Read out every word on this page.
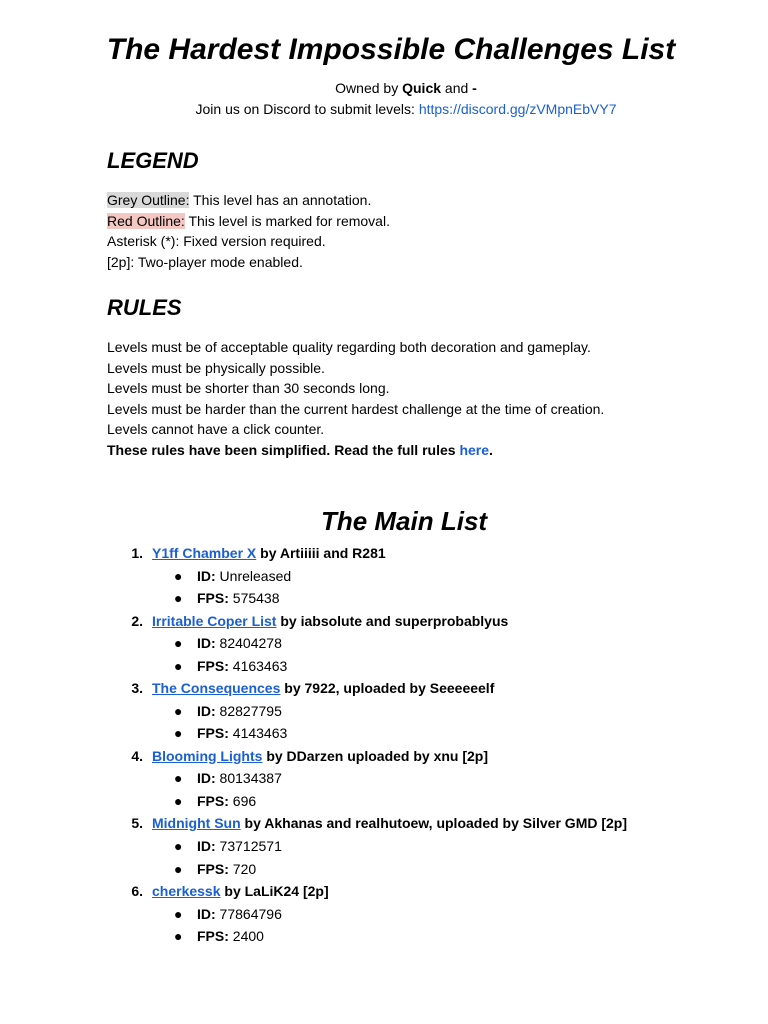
The Hardest Impossible Challenges List
Owned by Quick and -
Join us on Discord to submit levels: https://discord.gg/zVMpnEbVY7
LEGEND
Grey Outline: This level has an annotation.
Red Outline: This level is marked for removal.
Asterisk (*): Fixed version required.
[2p]: Two-player mode enabled.
RULES
Levels must be of acceptable quality regarding both decoration and gameplay.
Levels must be physically possible.
Levels must be shorter than 30 seconds long.
Levels must be harder than the current hardest challenge at the time of creation.
Levels cannot have a click counter.
These rules have been simplified. Read the full rules here.
The Main List
1. Y1ff Chamber X by Artiiiii and R281
● ID: Unreleased
● FPS: 575438
2. Irritable Coper List by iabsolute and superprobablyus
● ID: 82404278
● FPS: 4163463
3. The Consequences by 7922, uploaded by Seeeeeelf
● ID: 82827795
● FPS: 4143463
4. Blooming Lights by DDarzen uploaded by xnu [2p]
● ID: 80134387
● FPS: 696
5. Midnight Sun by Akhanas and realhutoew, uploaded by Silver GMD [2p]
● ID: 73712571
● FPS: 720
6. cherkessk by LaLiK24 [2p]
● ID: 77864796
● FPS: 2400
